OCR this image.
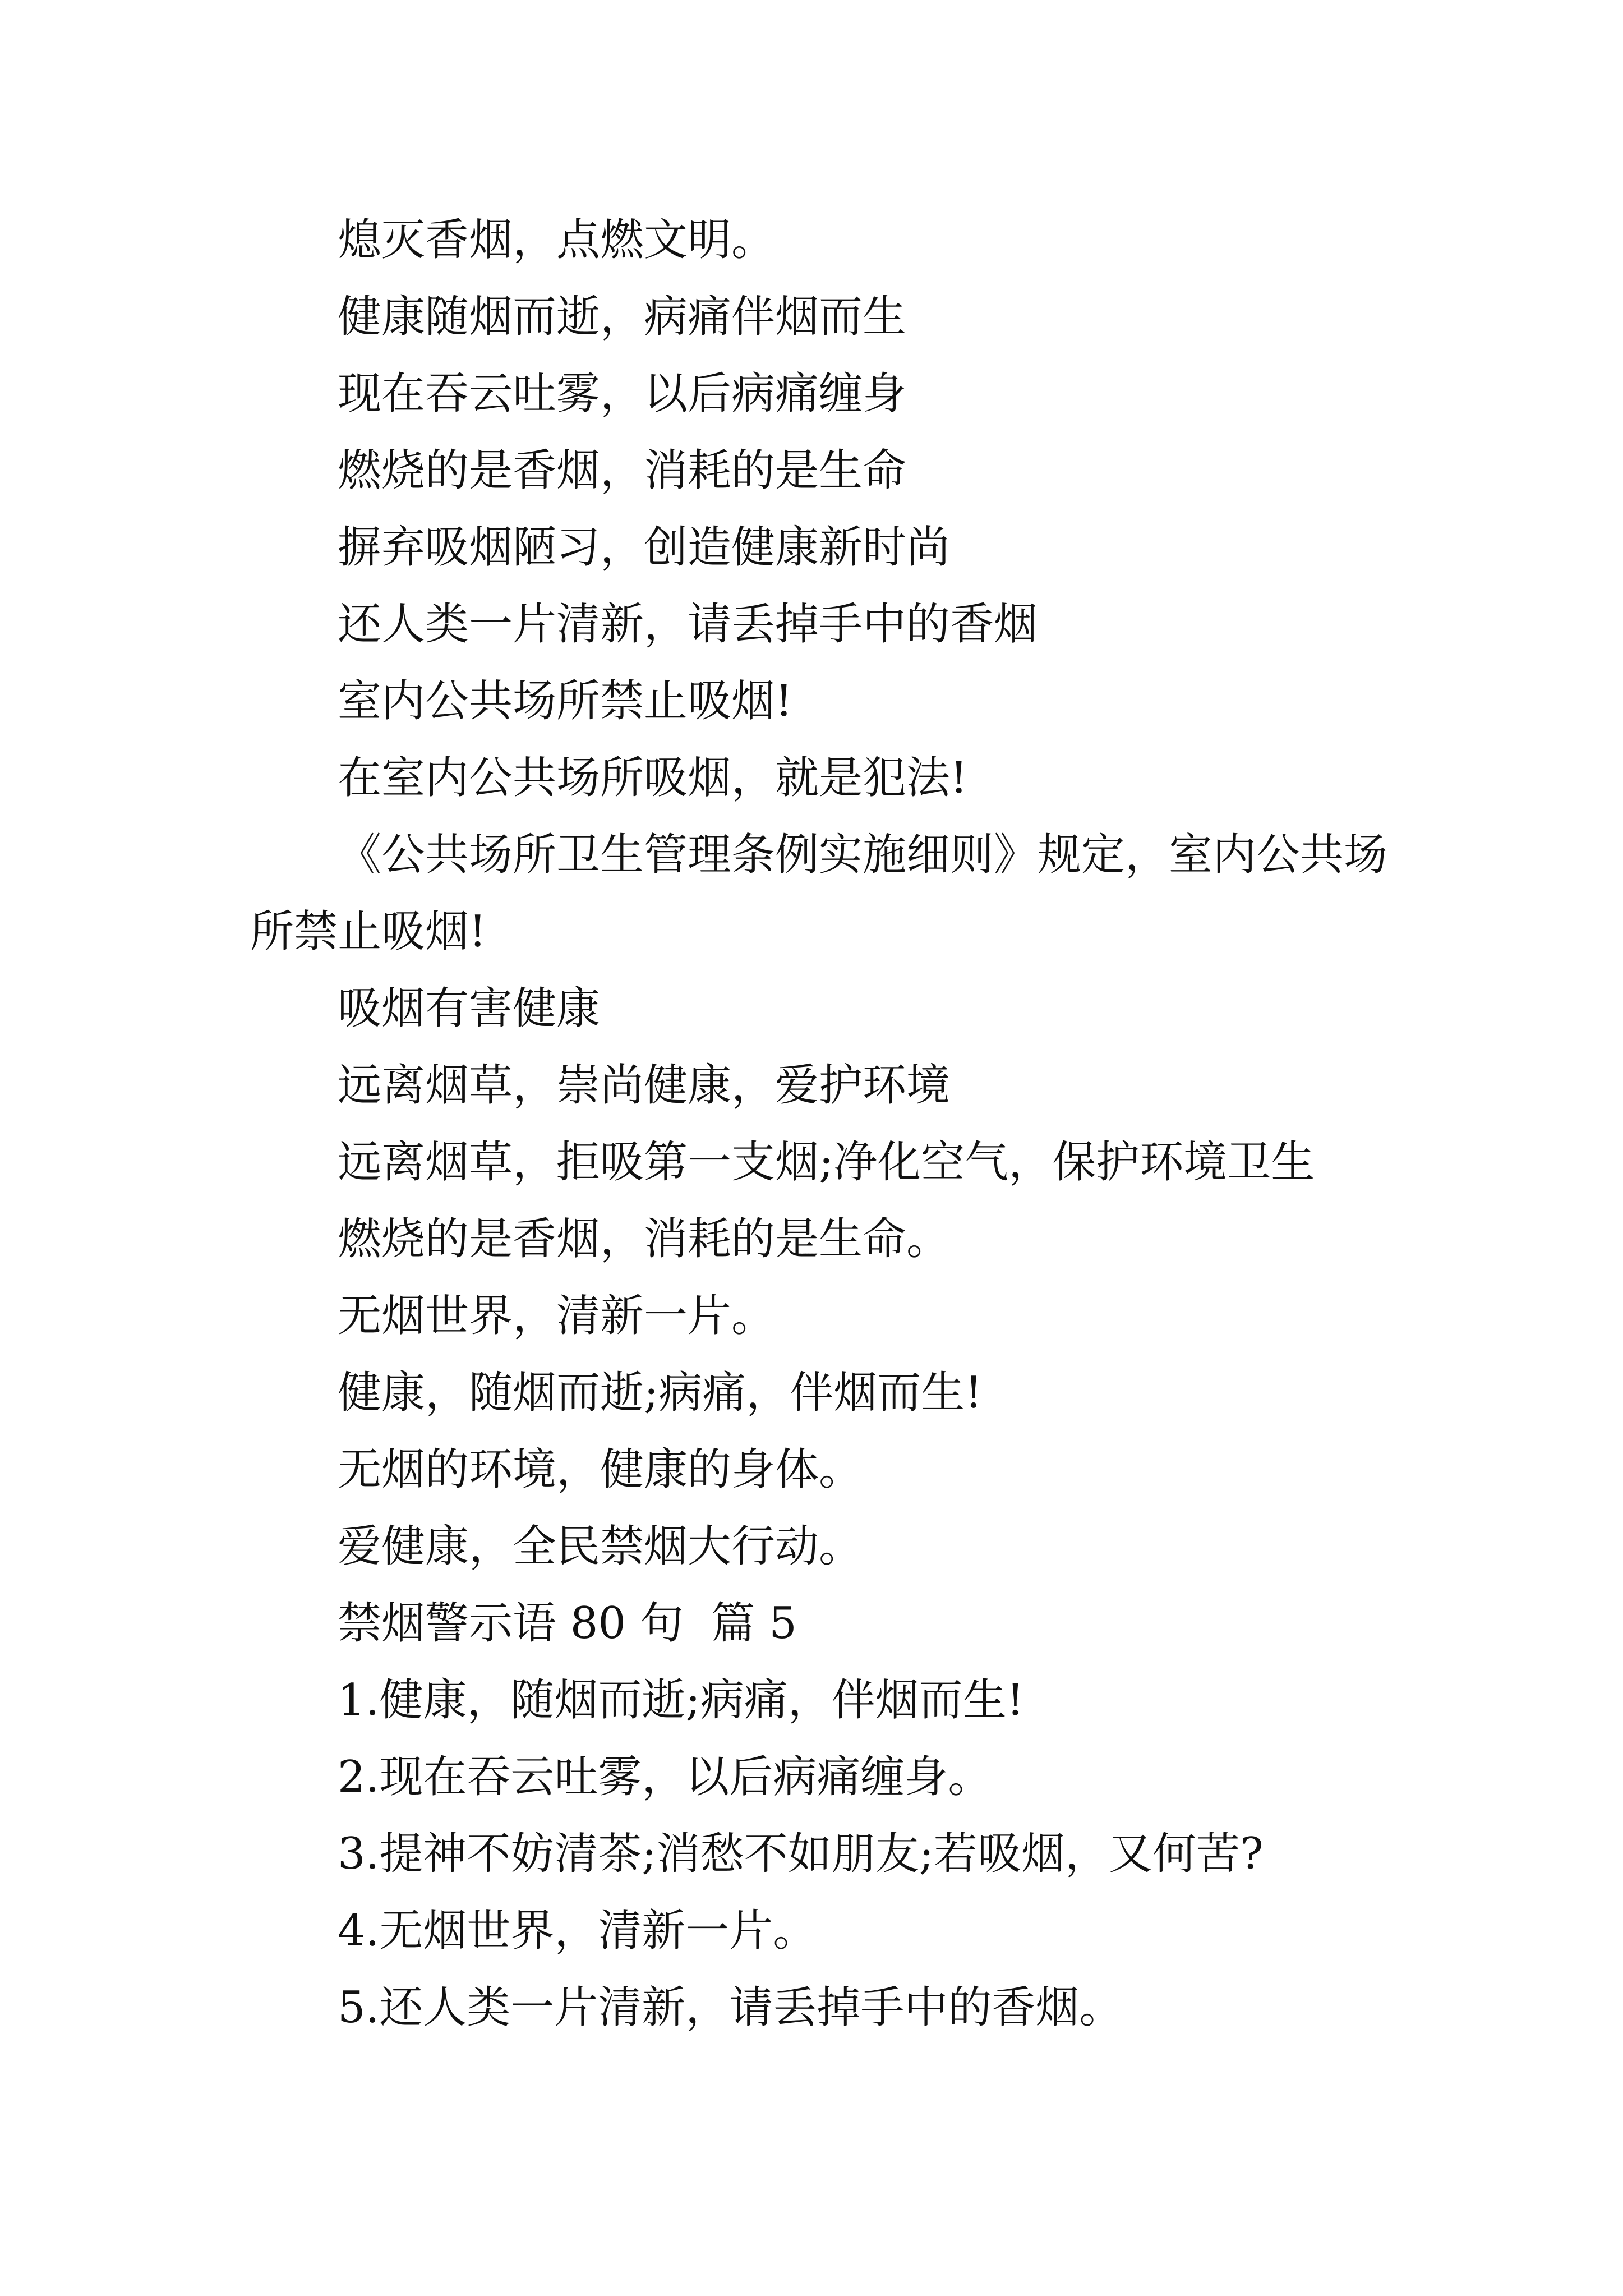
熄灭香烟，点燃文明。

健康随烟而逝，病痛伴烟而生

现在吞云吐雾，以后病痛缠身

燃烧的是香烟，消耗的是生命

摒弃吸烟陋习，创造健康新时尚

还人类一片清新，请丢掉手中的香烟

室内公共场所禁止吸烟!

在室内公共场所吸烟，就是犯法!

《公共场所卫生管理条例实施细则》规定，室内公共场所禁止吸烟!

吸烟有害健康

远离烟草，崇尚健康，爱护环境

远离烟草，拒吸第一支烟;净化空气，保护环境卫生

燃烧的是香烟，消耗的是生命。

无烟世界，清新一片。

健康，随烟而逝;病痛，伴烟而生!

无烟的环境，健康的身体。

爱健康，全民禁烟大行动。

禁烟警示语 80 句  篇 5

1.健康，随烟而逝;病痛，伴烟而生!

2.现在吞云吐雾，以后病痛缠身。

3.提神不妨清茶;消愁不如朋友;若吸烟，又何苦?

4.无烟世界，清新一片。

5.还人类一片清新，请丢掉手中的香烟。
